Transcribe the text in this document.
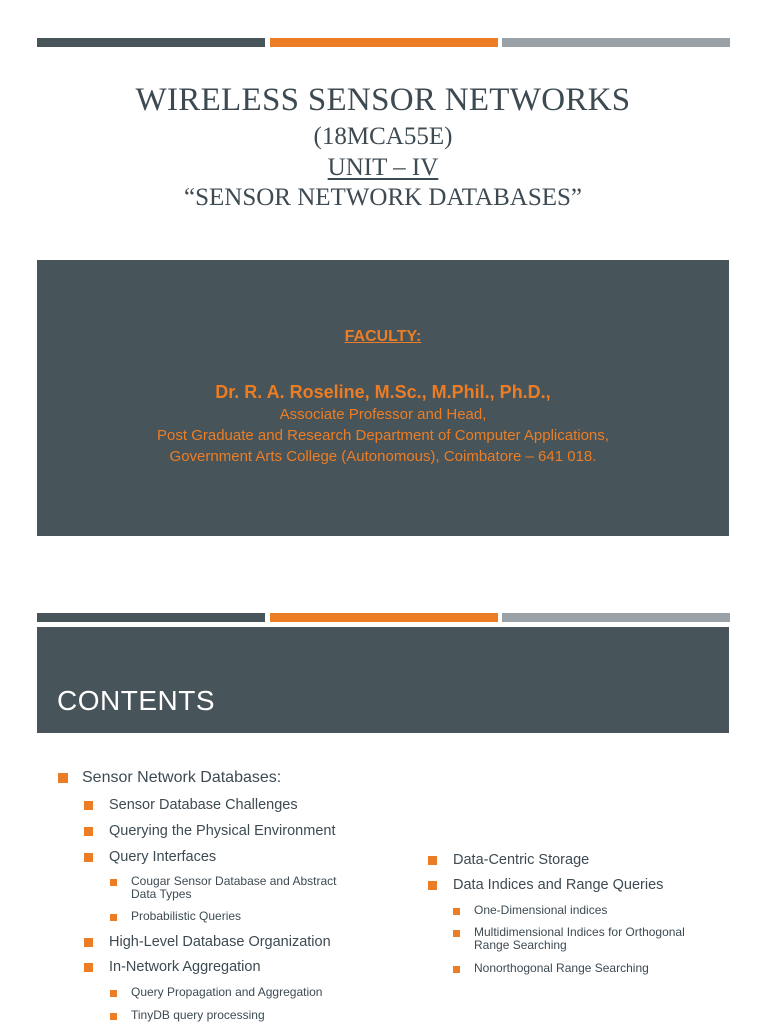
WIRELESS SENSOR NETWORKS
(18MCA55E)
UNIT – IV
“SENSOR NETWORK DATABASES”
FACULTY:
Dr. R. A. Roseline, M.Sc., M.Phil., Ph.D.,
Associate Professor and Head,
Post Graduate and Research Department of Computer Applications,
Government Arts College (Autonomous), Coimbatore – 641 018.
CONTENTS
Sensor Network Databases:
Sensor Database Challenges
Querying the Physical Environment
Query Interfaces
Cougar Sensor Database and Abstract Data Types
Probabilistic Queries
High-Level Database Organization
In-Network Aggregation
Query Propagation and Aggregation
TinyDB query processing
Data-Centric Storage
Data Indices and Range Queries
One-Dimensional indices
Multidimensional Indices for Orthogonal Range Searching
Nonorthogonal Range Searching
